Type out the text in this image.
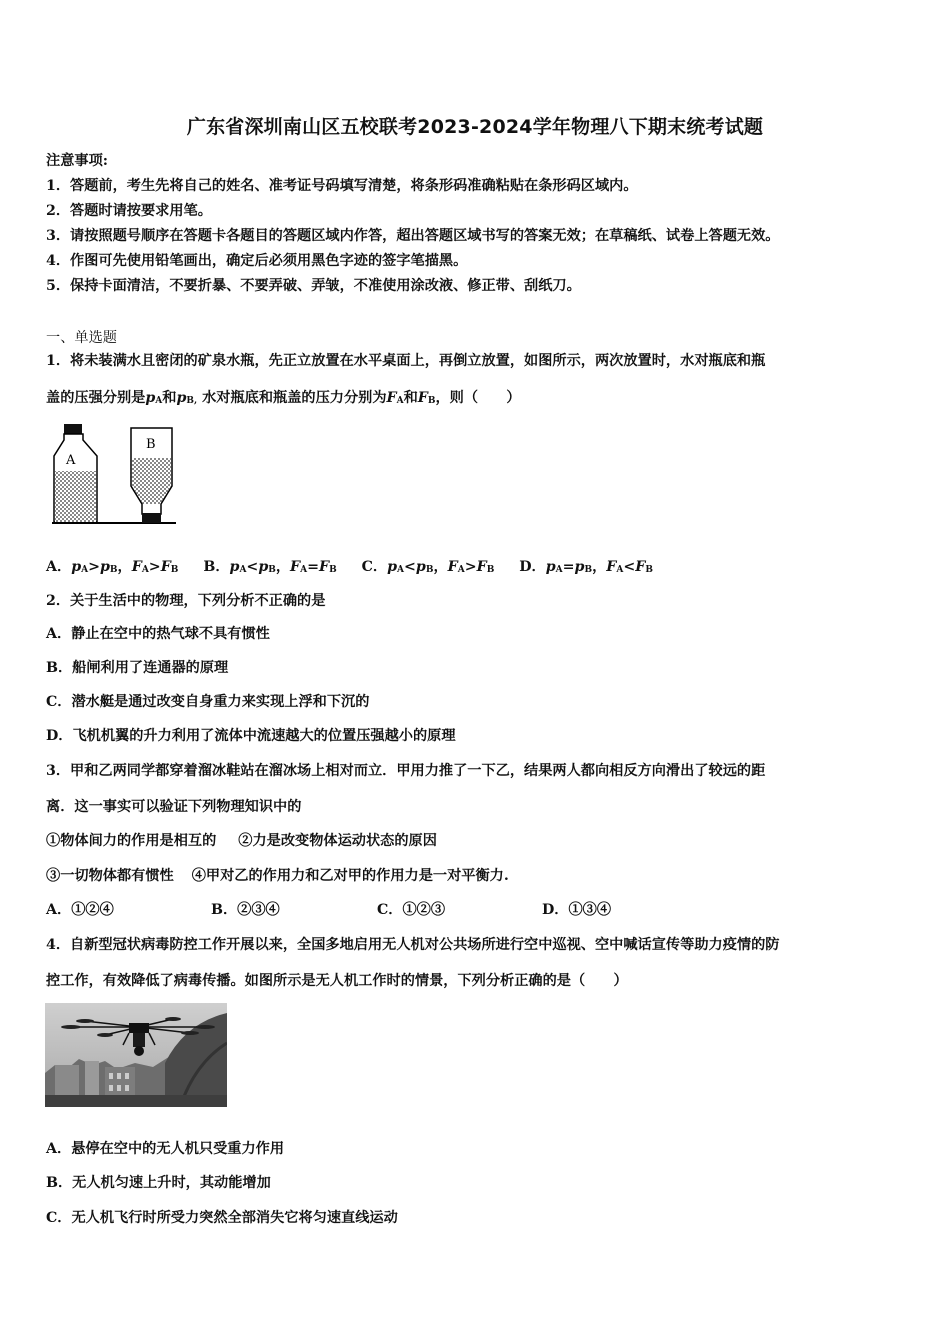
广东省深圳南山区五校联考2023-2024学年物理八下期末统考试题
注意事项:
1．答题前，考生先将自己的姓名、准考证号码填写清楚，将条形码准确粘贴在条形码区域内。
2．答题时请按要求用笔。
3．请按照题号顺序在答题卡各题目的答题区域内作答，超出答题区域书写的答案无效；在草稿纸、试卷上答题无效。
4．作图可先使用铅笔画出，确定后必须用黑色字迹的签字笔描黑。
5．保持卡面清洁，不要折暴、不要弄破、弄皱，不准使用涂改液、修正带、刮纸刀。
一、单选题
1．将未装满水且密闭的矿泉水瓶，先正立放置在水平桌面上，再倒立放置，如图所示，两次放置时，水对瓶底和瓶
盖的压强分别是pA和pB, 水对瓶底和瓶盖的压力分别为FA和FB，则（　　）
A
B
A．pA>pB，FA>FB B．pA<pB，FA=FB C．pA<pB，FA>FB D．pA=pB，FA<FB
2．关于生活中的物理，下列分析不正确的是
A．静止在空中的热气球不具有惯性
B．船闸利用了连通器的原理
C．潜水艇是通过改变自身重力来实现上浮和下沉的
D．飞机机翼的升力利用了流体中流速越大的位置压强越小的原理
3．甲和乙两同学都穿着溜冰鞋站在溜冰场上相对而立．甲用力推了一下乙，结果两人都向相反方向滑出了较远的距
离．这一事实可以验证下列物理知识中的
①物体间力的作用是相互的 ②力是改变物体运动状态的原因
③一切物体都有惯性 ④甲对乙的作用力和乙对甲的作用力是一对平衡力.
A．①②④	B．②③④	C．①②③	D．①③④
4．自新型冠状病毒防控工作开展以来，全国多地启用无人机对公共场所进行空中巡视、空中喊话宣传等助力疫情的防
控工作，有效降低了病毒传播。如图所示是无人机工作时的情景，下列分析正确的是（　　）
A．悬停在空中的无人机只受重力作用
B．无人机匀速上升时，其动能增加
C．无人机飞行时所受力突然全部消失它将匀速直线运动
